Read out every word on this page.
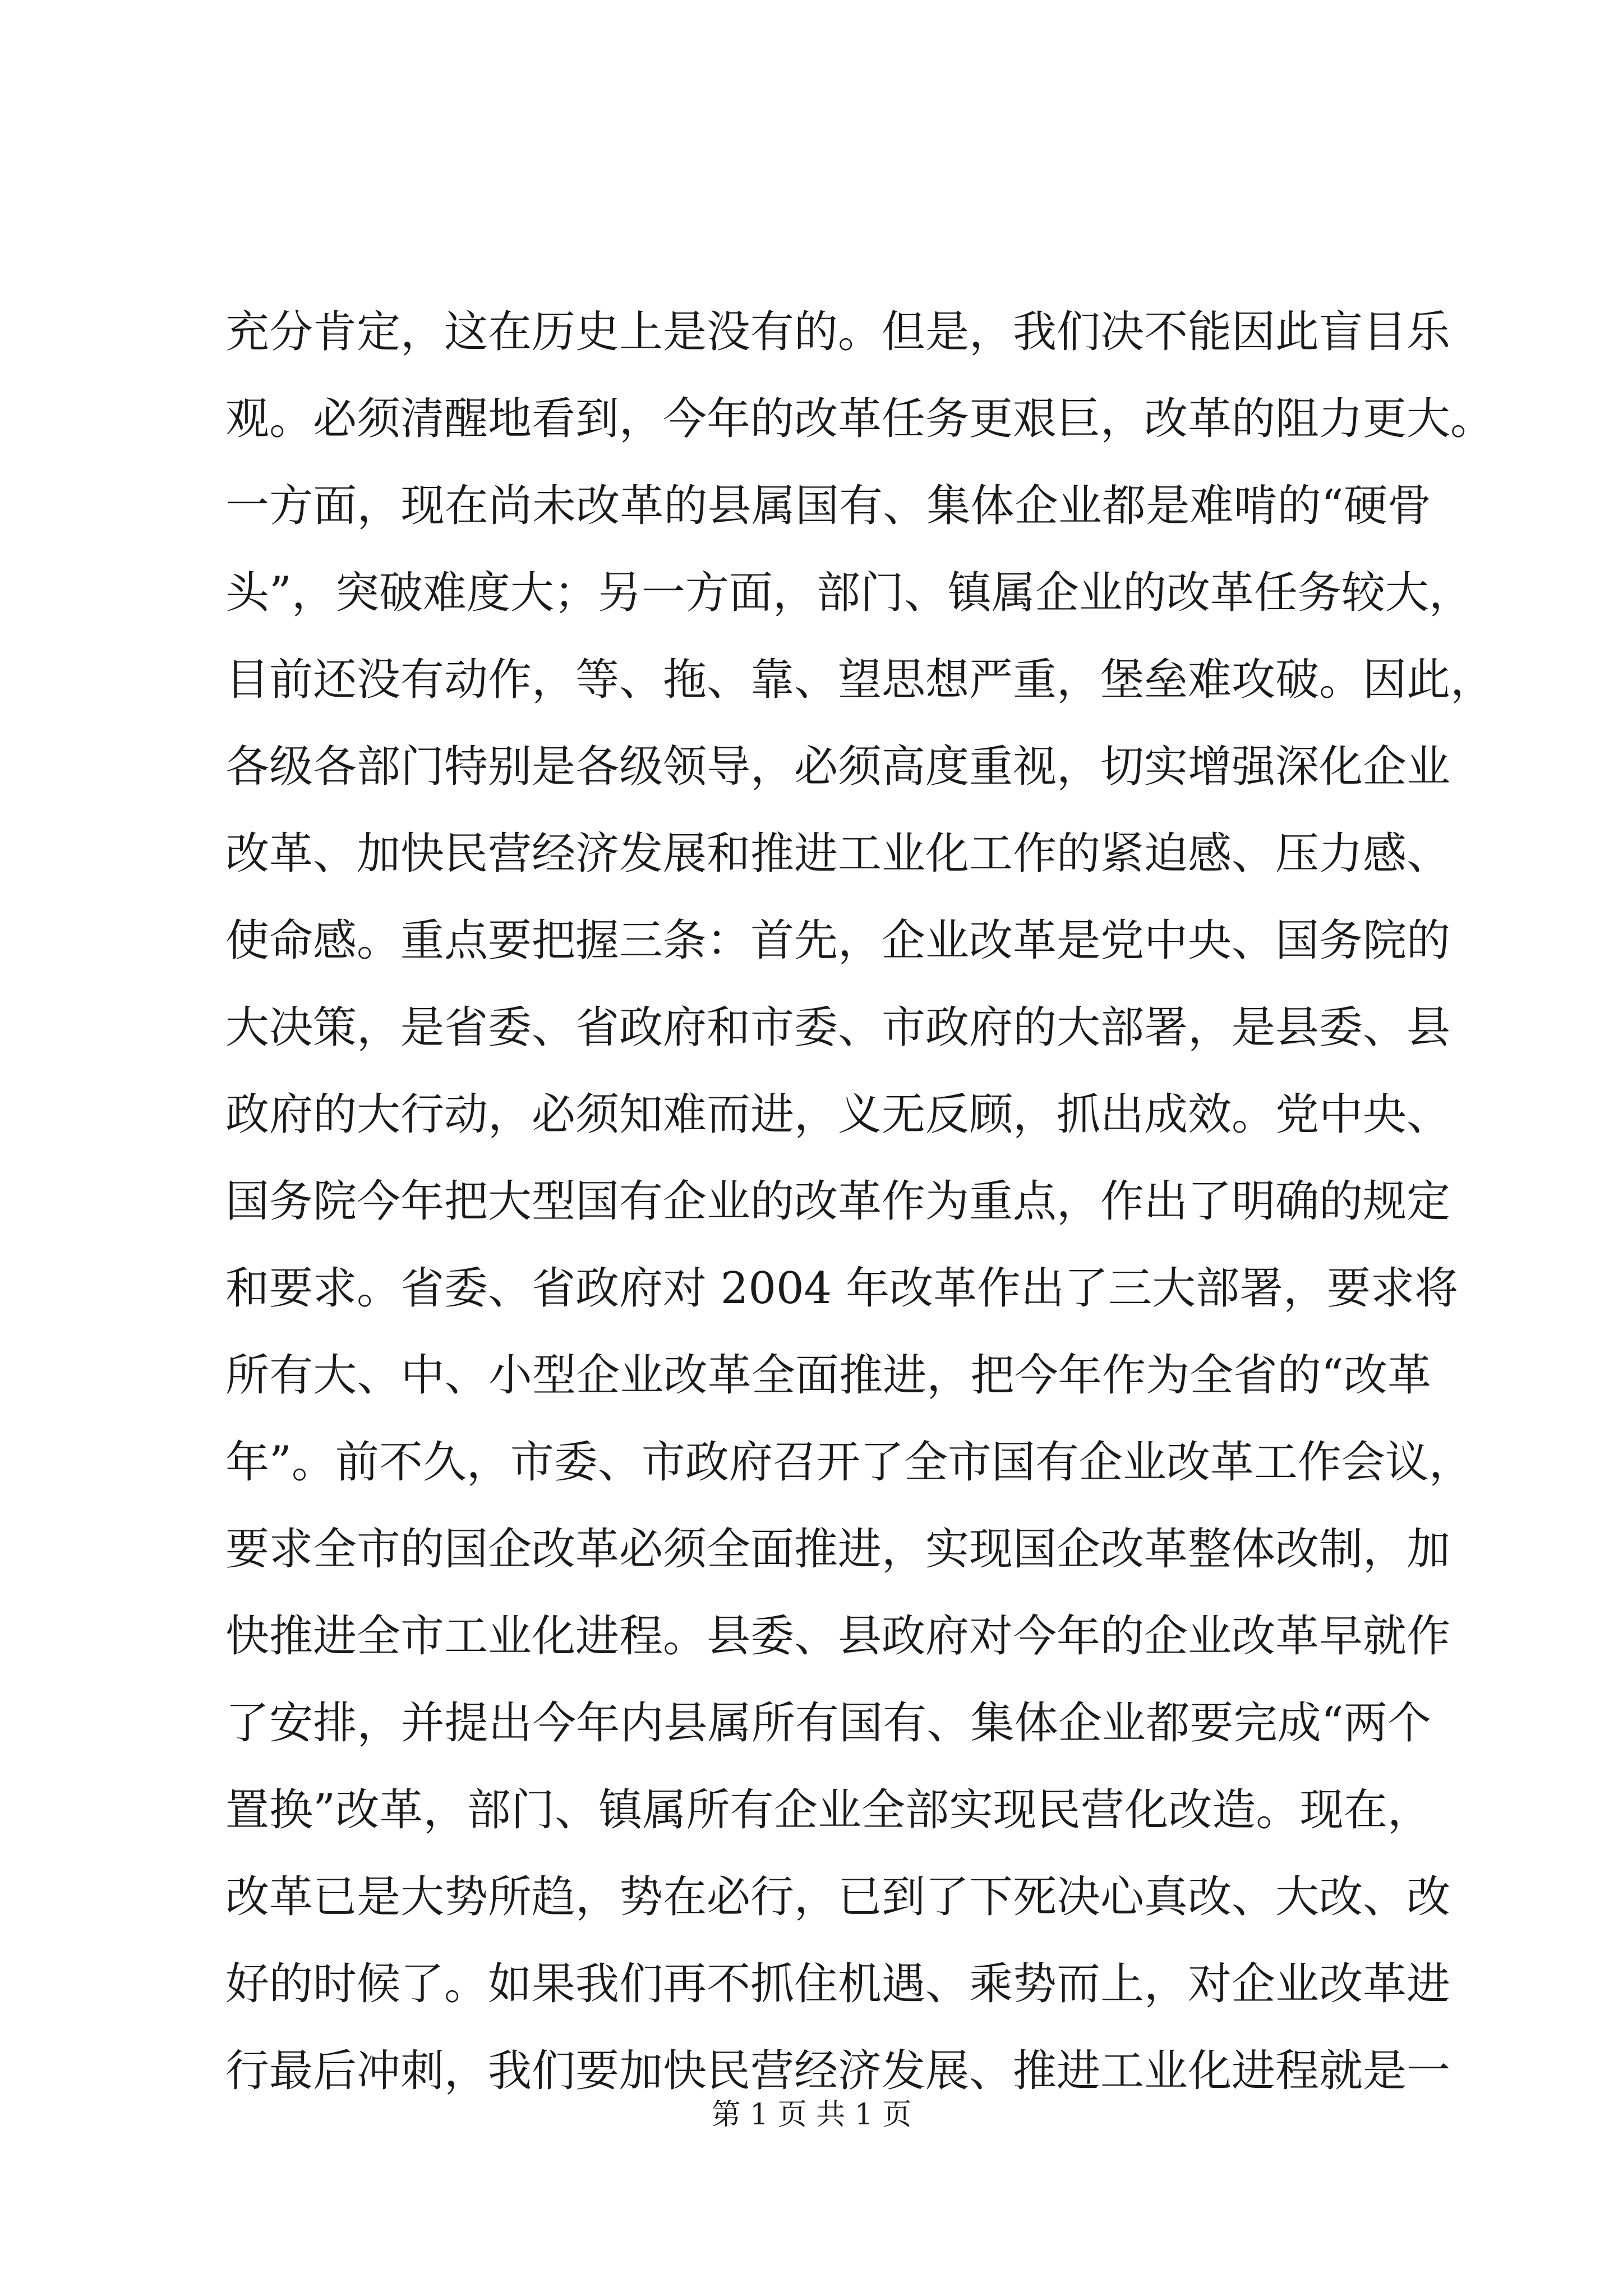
充分肯定，这在历史上是没有的。但是，我们决不能因此盲目乐
观。必须清醒地看到，今年的改革任务更艰巨，改革的阻力更大。
一方面，现在尚未改革的县属国有、集体企业都是难啃的“硬骨
头”，突破难度大；另一方面，部门、镇属企业的改革任务较大，
目前还没有动作，等、拖、靠、望思想严重，堡垒难攻破。因此，
各级各部门特别是各级领导，必须高度重视，切实增强深化企业
改革、加快民营经济发展和推进工业化工作的紧迫感、压力感、
使命感。重点要把握三条：首先，企业改革是党中央、国务院的
大决策，是省委、省政府和市委、市政府的大部署，是县委、县
政府的大行动，必须知难而进，义无反顾，抓出成效。党中央、
国务院今年把大型国有企业的改革作为重点，作出了明确的规定
和要求。省委、省政府对 2004 年改革作出了三大部署，要求将
所有大、中、小型企业改革全面推进，把今年作为全省的“改革
年”。前不久，市委、市政府召开了全市国有企业改革工作会议，
要求全市的国企改革必须全面推进，实现国企改革整体改制，加
快推进全市工业化进程。县委、县政府对今年的企业改革早就作
了安排，并提出今年内县属所有国有、集体企业都要完成“两个
置换”改革，部门、镇属所有企业全部实现民营化改造。现在，
改革已是大势所趋，势在必行，已到了下死决心真改、大改、改
好的时候了。如果我们再不抓住机遇、乘势而上，对企业改革进
行最后冲刺，我们要加快民营经济发展、推进工业化进程就是一
第 1 页 共 1 页
